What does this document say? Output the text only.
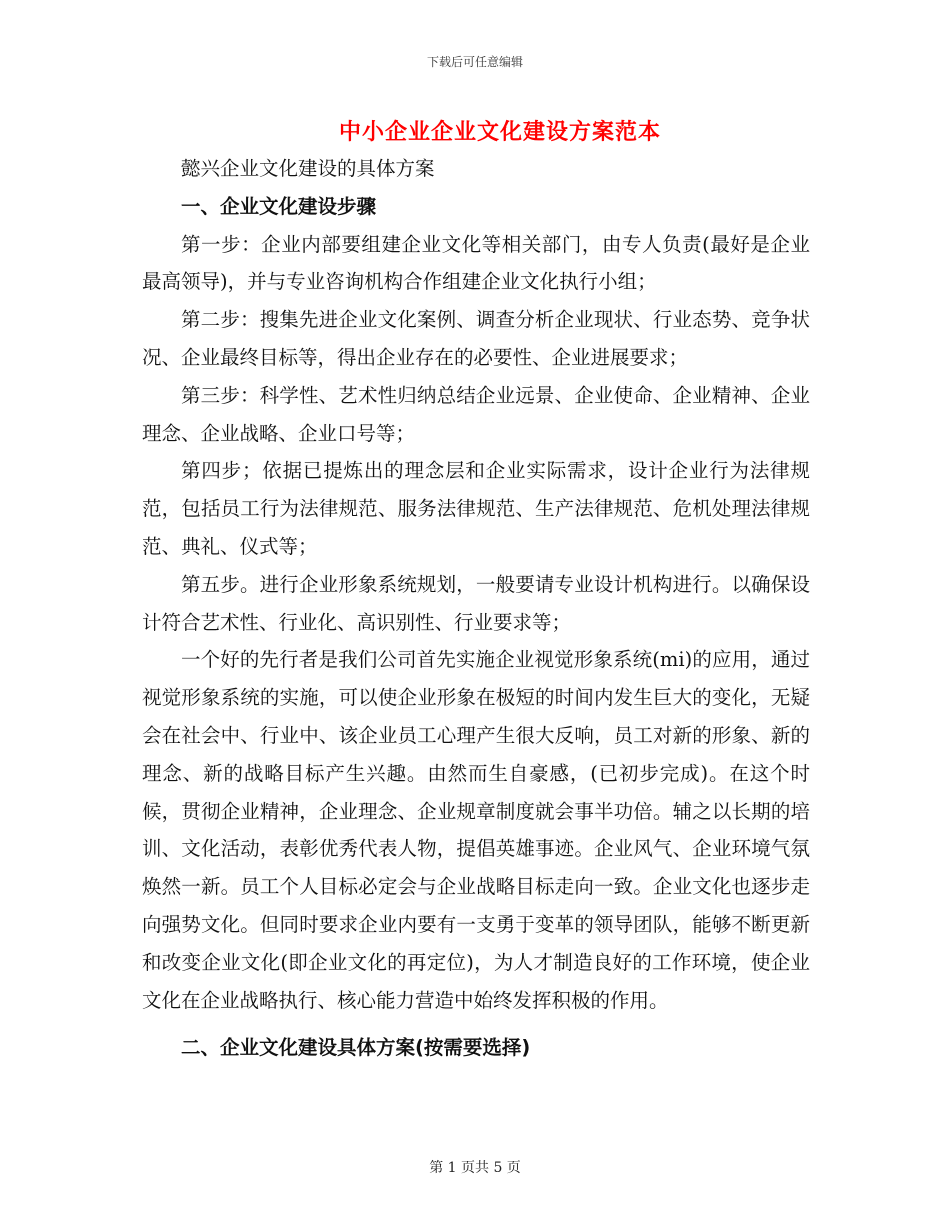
下载后可任意编辑
中小企业企业文化建设方案范本

懿兴企业文化建设的具体方案

一、企业文化建设步骤

第一步：企业内部要组建企业文化等相关部门，由专人负责(最好是企业最高领导)，并与专业咨询机构合作组建企业文化执行小组；

第二步：搜集先进企业文化案例、调查分析企业现状、行业态势、竞争状况、企业最终目标等，得出企业存在的必要性、企业进展要求；

第三步：科学性、艺术性归纳总结企业远景、企业使命、企业精神、企业理念、企业战略、企业口号等；

第四步；依据已提炼出的理念层和企业实际需求，设计企业行为法律规范，包括员工行为法律规范、服务法律规范、生产法律规范、危机处理法律规范、典礼、仪式等；

第五步。进行企业形象系统规划，一般要请专业设计机构进行。以确保设计符合艺术性、行业化、高识别性、行业要求等；

一个好的先行者是我们公司首先实施企业视觉形象系统(mi)的应用，通过视觉形象系统的实施，可以使企业形象在极短的时间内发生巨大的变化，无疑会在社会中、行业中、该企业员工心理产生很大反响，员工对新的形象、新的理念、新的战略目标产生兴趣。由然而生自豪感，(已初步完成)。在这个时候，贯彻企业精神，企业理念、企业规章制度就会事半功倍。辅之以长期的培训、文化活动，表彰优秀代表人物，提倡英雄事迹。企业风气、企业环境气氛焕然一新。员工个人目标必定会与企业战略目标走向一致。企业文化也逐步走向强势文化。但同时要求企业内要有一支勇于变革的领导团队，能够不断更新和改变企业文化(即企业文化的再定位)，为人才制造良好的工作环境，使企业文化在企业战略执行、核心能力营造中始终发挥积极的作用。

二、企业文化建设具体方案(按需要选择)

第 1 页共 5 页
